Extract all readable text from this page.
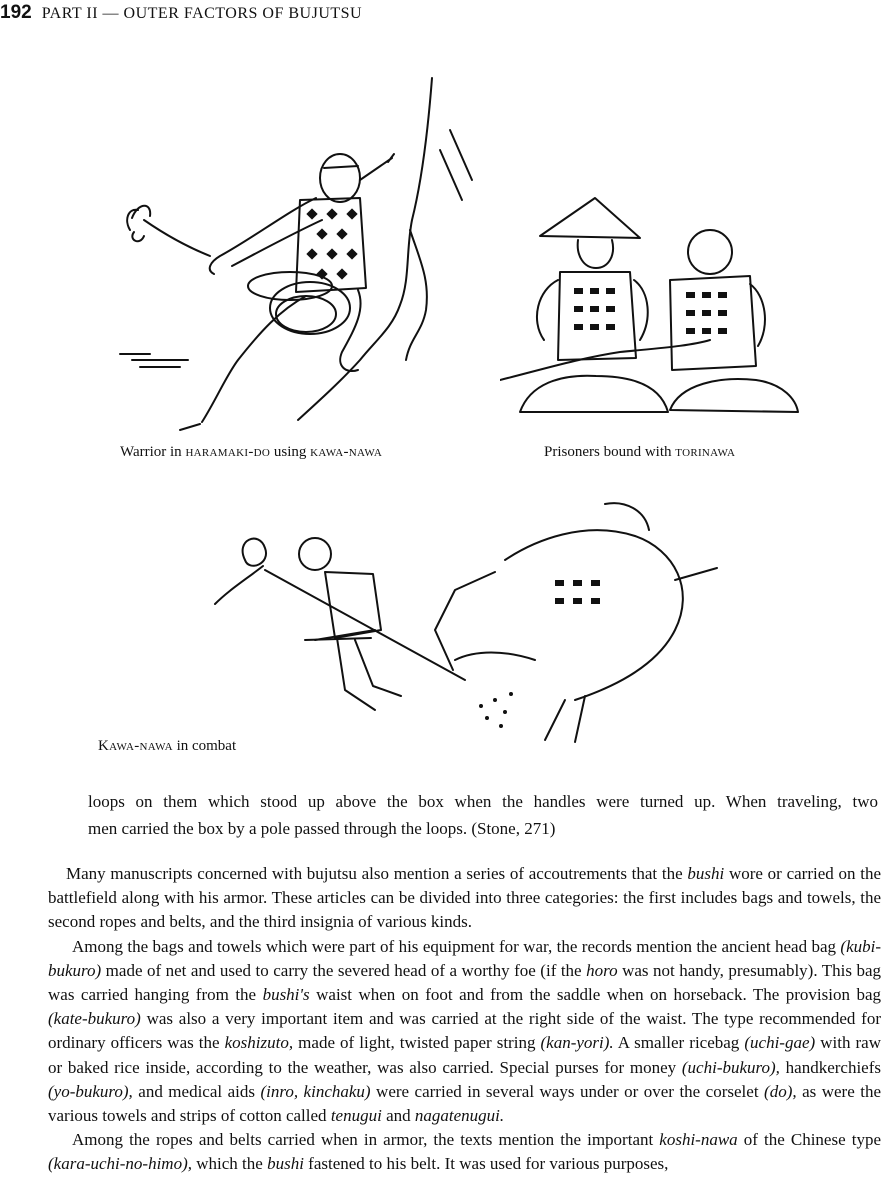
192 PART II — OUTER FACTORS OF BUJUTSU
Warrior in haramaki-do using kawa-nawa	Prisoners bound with torinawa
Kawa-nawa in combat
loops on them which stood up above the box when the handles were turned up. When traveling, two
men carried the box by a pole passed through the loops. (Stone, 271)

Many manuscripts concerned with bujutsu also mention a series of accoutrements that the bushi wore or carried on the battlefield along with his armor. These articles can be divided into three categories: the first includes bags and towels, the second ropes and belts, and the third insignia of various kinds.

Among the bags and towels which were part of his equipment for war, the records mention the ancient head bag (kubi-bukuro) made of net and used to carry the severed head of a worthy foe (if the horo was not handy, presumably). This bag was carried hanging from the bushi's waist when on foot and from the saddle when on horseback. The provision bag (kate-bukuro) was also a very important item and was carried at the right side of the waist. The type recommended for ordinary officers was the koshizuto, made of light, twisted paper string (kan-yori). A smaller ricebag (uchi-gae) with raw or baked rice inside, according to the weather, was also carried. Special purses for money (uchi-bukuro), handkerchiefs (yo-bukuro), and medical aids (inro, kinchaku) were carried in several ways under or over the corselet (do), as were the various towels and strips of cotton called tenugui and nagatenugui.

Among the ropes and belts carried when in armor, the texts mention the important koshi-nawa of the Chinese type (kara-uchi-no-himo), which the bushi fastened to his belt. It was used for various purposes,
